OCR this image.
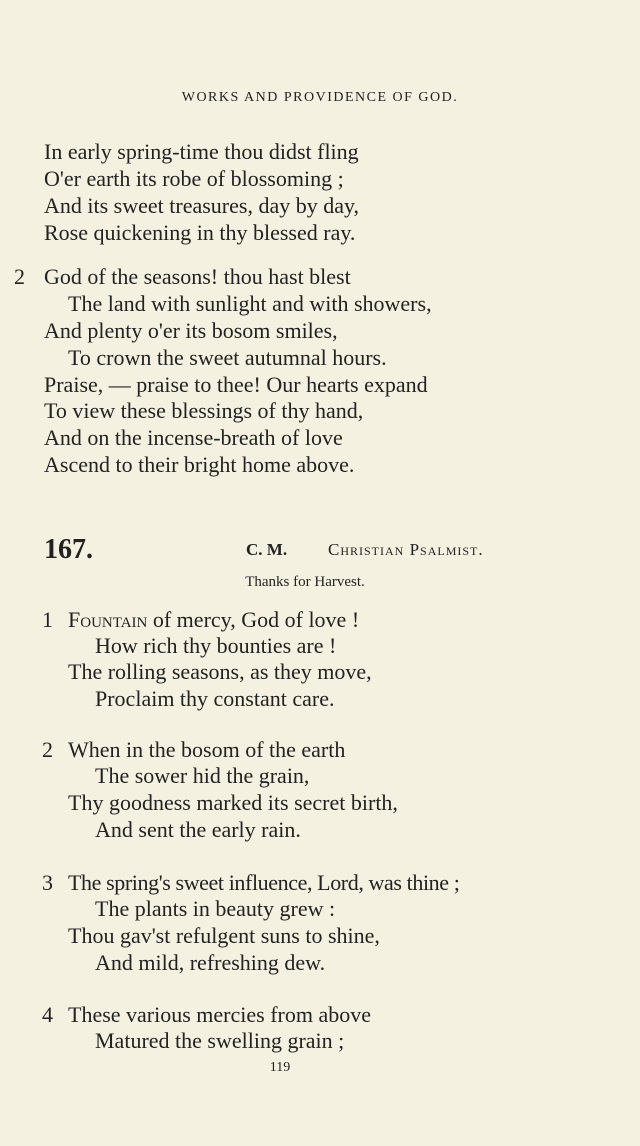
WORKS AND PROVIDENCE OF GOD.
In early spring-time thou didst fling
O'er earth its robe of blossoming ;
And its sweet treasures, day by day,
Rose quickening in thy blessed ray.
2 God of the seasons! thou hast blest
The land with sunlight and with showers,
And plenty o'er its bosom smiles,
To crown the sweet autumnal hours.
Praise, — praise to thee! Our hearts expand
To view these blessings of thy hand,
And on the incense-breath of love
Ascend to their bright home above.
167.	C. M. Christian Psalmist.
Thanks for Harvest.
1 Fountain of mercy, God of love !
How rich thy bounties are !
The rolling seasons, as they move,
Proclaim thy constant care.
2 When in the bosom of the earth
The sower hid the grain,
Thy goodness marked its secret birth,
And sent the early rain.
3 The spring's sweet influence, Lord, was thine ;
The plants in beauty grew :
Thou gav'st refulgent suns to shine,
And mild, refreshing dew.
4 These various mercies from above
Matured the swelling grain ;
119
